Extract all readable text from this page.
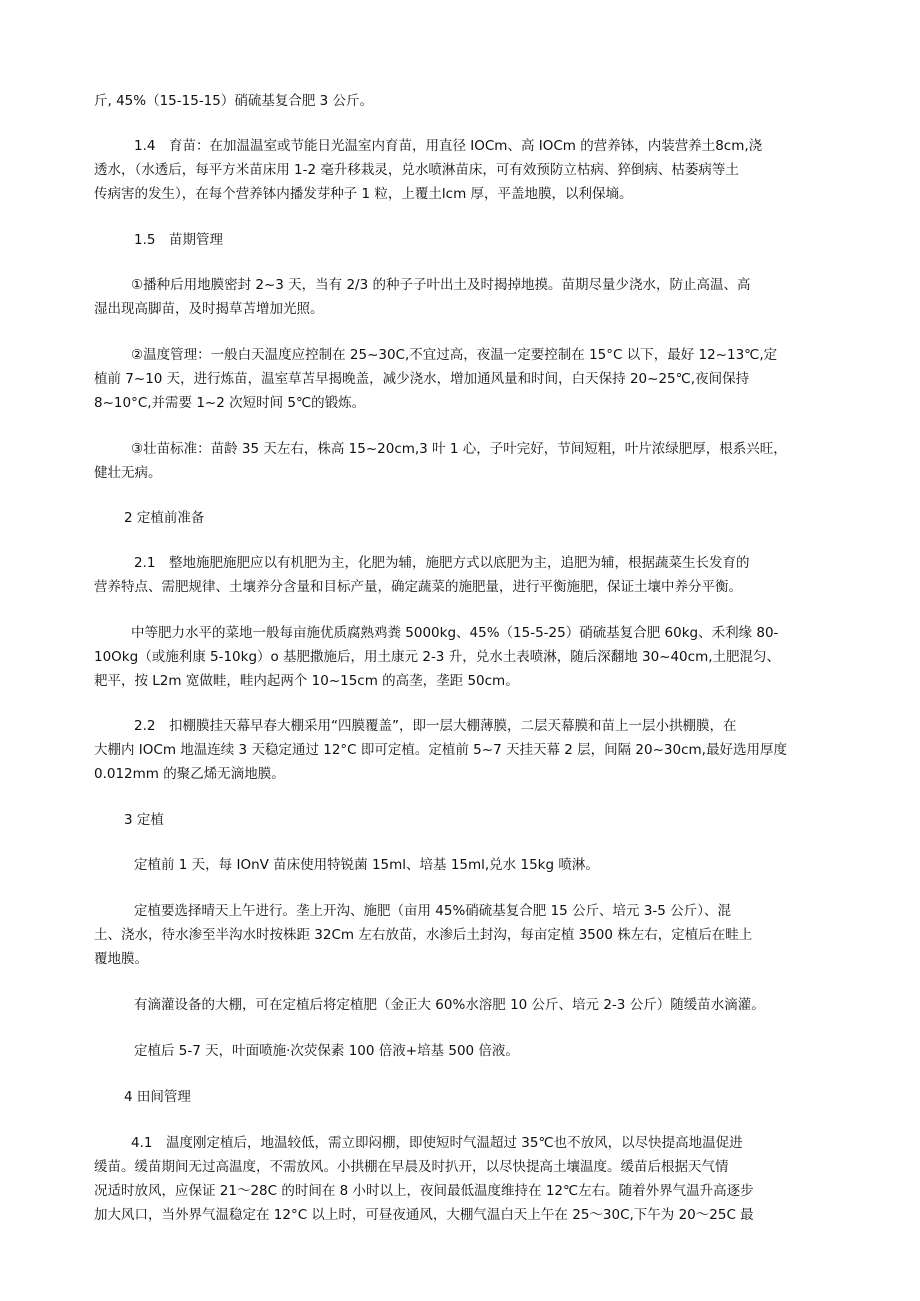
斤, 45%（15-15-15）硝硫基复合肥 3 公斤。
1.4　育苗：在加温温室或节能日光温室内育苗，用直径 IOCm、高 IOCm 的营养钵，内装营养土8cm,浇
透水，（水透后，每平方米苗床用 1-2 毫升移栽灵，兑水喷淋苗床，可有效预防立枯病、猝倒病、枯萎病等土
传病害的发生），在每个营养钵内播发芽种子 1 粒，上覆土lcm 厚，平盖地膜，以利保墒。
1.5　苗期管理
①播种后用地膜密封 2~3 天，当有 2/3 的种子子叶出土及时揭掉地摸。苗期尽量少浇水，防止高温、高
湿出现高脚苗，及时揭草苫增加光照。
②温度管理：一般白天温度应控制在 25~30C,不宜过高，夜温一定要控制在 15°C 以下，最好 12~13℃,定
植前 7~10 天，进行炼苗，温室草苫早揭晚盖，减少浇水，增加通风量和时间，白天保持 20~25℃,夜间保持
8~10°C,并需要 1~2 次短时间 5℃的锻炼。
③壮苗标准：苗龄 35 天左右，株高 15~20cm,3 叶 1 心，子叶完好，节间短粗，叶片浓绿肥厚，根系兴旺，
健壮无病。
2 定植前准备
2.1　整地施肥施肥应以有机肥为主，化肥为辅，施肥方式以底肥为主，追肥为辅，根据蔬菜生长发育的
营养特点、需肥规律、土壤养分含量和目标产量，确定蔬菜的施肥量，进行平衡施肥，保证土壤中养分平衡。
中等肥力水平的菜地一般每亩施优质腐熟鸡粪 5000kg、45%（15-5-25）硝硫基复合肥 60kg、禾利缘 80-
10Okg（或施利康 5-10kg）o 基肥撒施后，用土康元 2-3 升，兑水土表喷淋，随后深翻地 30~40cm,土肥混匀、
耙平，按 L2m 宽做畦，畦内起两个 10~15cm 的高垄，垄距 50cm。
2.2　扣棚膜挂天幕早春大棚采用“四膜覆盖”，即一层大棚薄膜，二层天幕膜和苗上一层小拱棚膜，在
大棚内 IOCm 地温连续 3 天稳定通过 12°C 即可定植。定植前 5~7 天挂天幕 2 层，间隔 20~30cm,最好选用厚度
0.012mm 的聚乙烯无滴地膜。
3 定植
定植前 1 天，每 IOnV 苗床使用特锐菌 15ml、培基 15ml,兑水 15kg 喷淋。
定植要选择晴天上午进行。垄上开沟、施肥（亩用 45%硝硫基复合肥 15 公斤、培元 3-5 公斤）、混
土、浇水，待水渗至半沟水时按株距 32Cm 左右放苗，水渗后土封沟，每亩定植 3500 株左右，定植后在畦上
覆地膜。
有滴灌设备的大棚，可在定植后将定植肥（金正大 60%水溶肥 10 公斤、培元 2-3 公斤）随缓苗水滴灌。
定植后 5-7 天，叶面喷施·次荧保素 100 倍液+培基 500 倍液。
4 田间管理
4.1　温度刚定植后，地温较低，需立即闷棚，即使短时气温超过 35℃也不放风，以尽快提高地温促进
缓苗。缓苗期间无过高温度，不需放风。小拱棚在早晨及时扒开，以尽快提高土壤温度。缓苗后根据天气情
况适时放风，应保证 21～28C 的时间在 8 小时以上，夜间最低温度维持在 12℃左右。随着外界气温升高逐步
加大风口，当外界气温稳定在 12°C 以上时，可昼夜通风，大棚气温白天上午在 25～30C,下午为 20～25C 最
